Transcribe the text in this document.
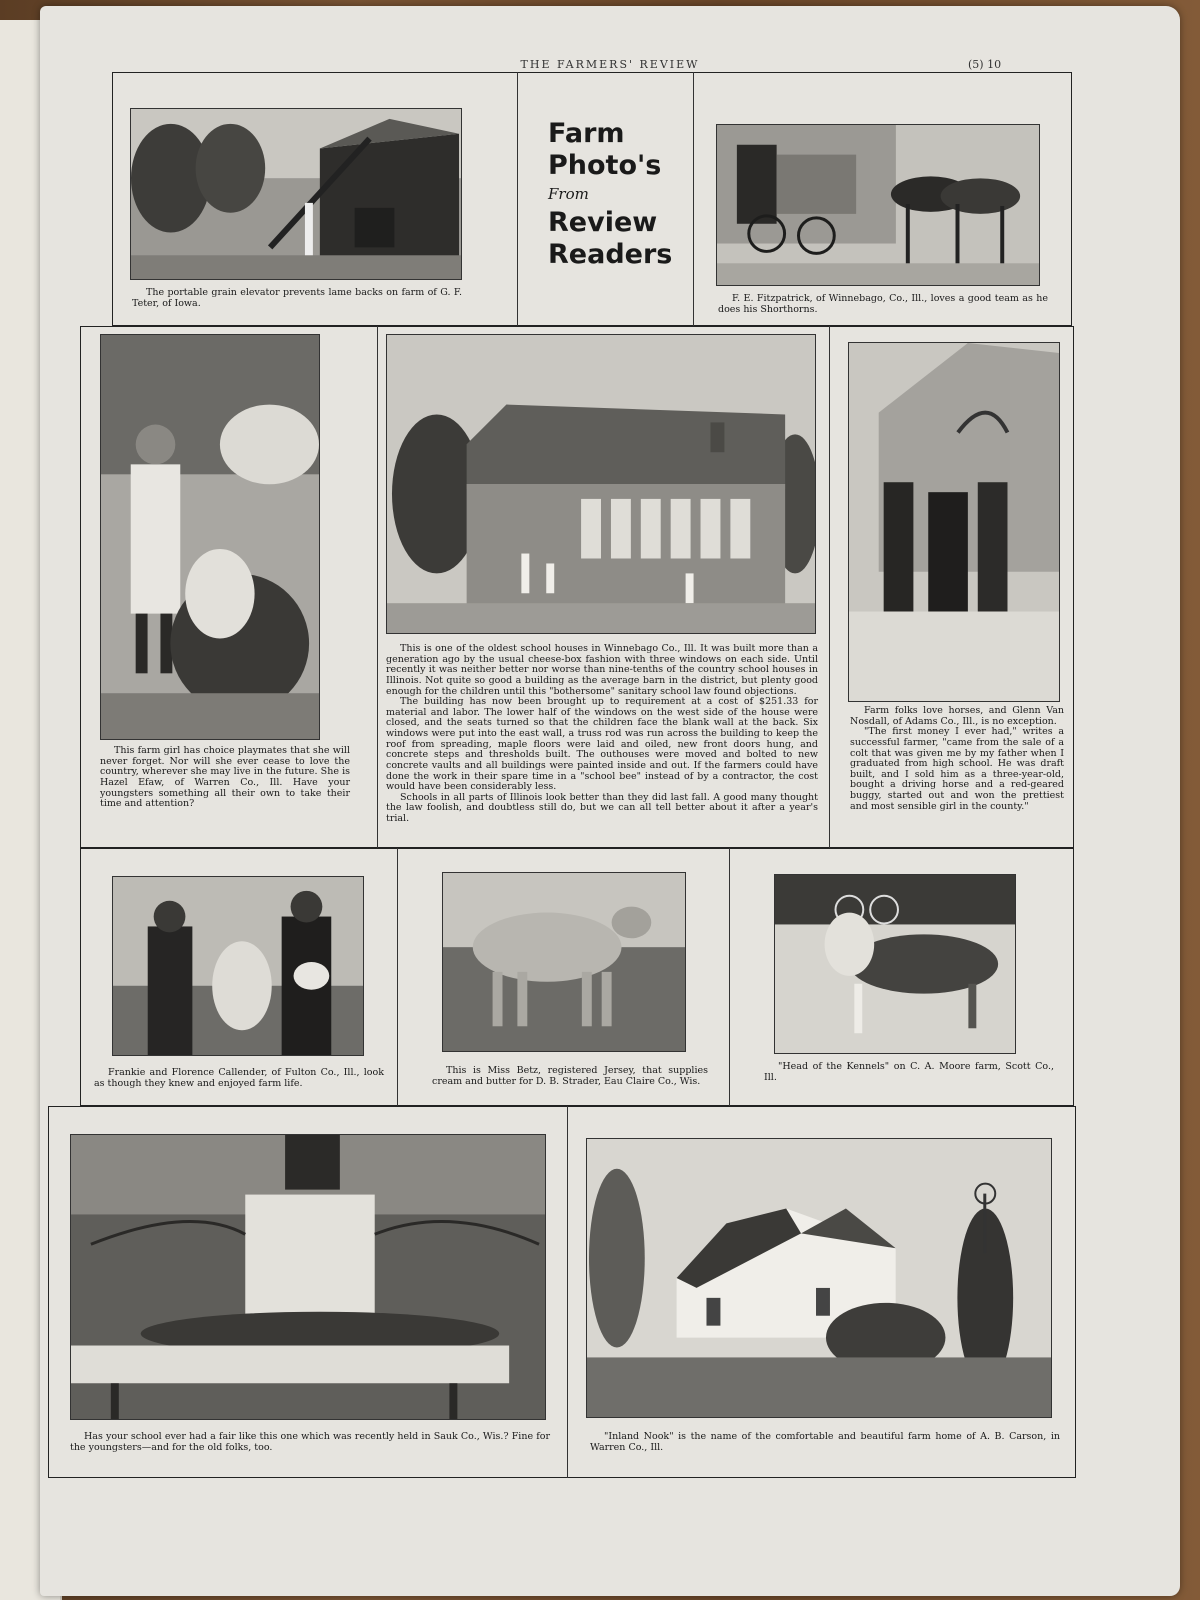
THE FARMERS' REVIEW	(5) 10

The portable grain elevator prevents lame backs on farm of G. F. Teter, of Iowa.

Farm
Photo's
From
Review
Readers

F. E. Fitzpatrick, of Winnebago, Co., Ill., loves a good team as he does his Shorthorns.

This farm girl has choice playmates that she will never forget. Nor will she ever cease to love the country, wherever she may live in the future. She is Hazel Efaw, of Warren Co., Ill. Have your youngsters something all their own to take their time and attention?

This is one of the oldest school houses in Winnebago Co., Ill. It was built more than a generation ago by the usual cheese-box fashion with three windows on each side. Until recently it was neither better nor worse than nine-tenths of the country school houses in Illinois. Not quite so good a building as the average barn in the district, but plenty good enough for the children until this "bothersome" sanitary school law found objections.

The building has now been brought up to requirement at a cost of $251.33 for material and labor. The lower half of the windows on the west side of the house were closed, and the seats turned so that the children face the blank wall at the back. Six windows were put into the east wall, a truss rod was run across the building to keep the roof from spreading, maple floors were laid and oiled, new front doors hung, and concrete steps and thresholds built. The outhouses were moved and bolted to new concrete vaults and all buildings were painted inside and out. If the farmers could have done the work in their spare time in a "school bee" instead of by a contractor, the cost would have been considerably less.

Schools in all parts of Illinois look better than they did last fall. A good many thought the law foolish, and doubtless still do, but we can all tell better about it after a year's trial.

Farm folks love horses, and Glenn Van Nosdall, of Adams Co., Ill., is no exception.

"The first money I ever had," writes a successful farmer, "came from the sale of a colt that was given me by my father when I graduated from high school. He was draft built, and I sold him as a three-year-old, bought a driving horse and a red-geared buggy, started out and won the prettiest and most sensible girl in the county."

Frankie and Florence Callender, of Fulton Co., Ill., look as though they knew and enjoyed farm life.

This is Miss Betz, registered Jersey, that supplies cream and butter for D. B. Strader, Eau Claire Co., Wis.

"Head of the Kennels" on C. A. Moore farm, Scott Co., Ill.

Has your school ever had a fair like this one which was recently held in Sauk Co., Wis.? Fine for the youngsters—and for the old folks, too.

"Inland Nook" is the name of the comfortable and beautiful farm home of A. B. Carson, in Warren Co., Ill.
